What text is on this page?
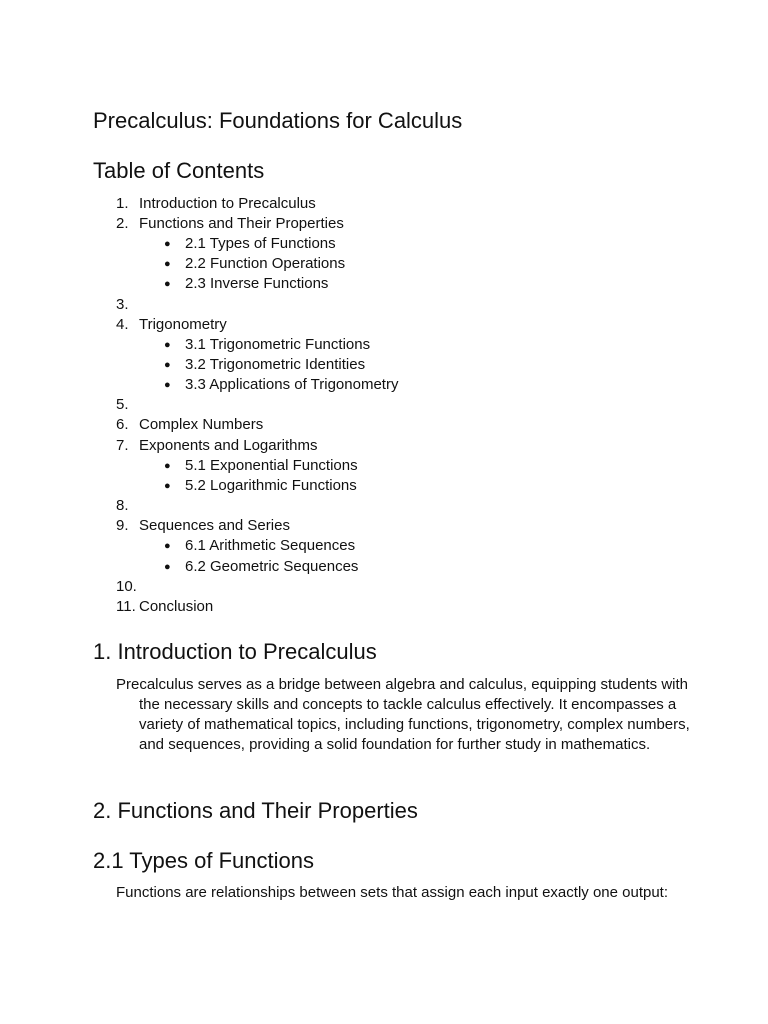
Precalculus: Foundations for Calculus
Table of Contents
1. Introduction to Precalculus
2. Functions and Their Properties
● 2.1 Types of Functions
● 2.2 Function Operations
● 2.3 Inverse Functions
3.
4. Trigonometry
● 3.1 Trigonometric Functions
● 3.2 Trigonometric Identities
● 3.3 Applications of Trigonometry
5.
6. Complex Numbers
7. Exponents and Logarithms
● 5.1 Exponential Functions
● 5.2 Logarithmic Functions
8.
9. Sequences and Series
● 6.1 Arithmetic Sequences
● 6.2 Geometric Sequences
10.
11. Conclusion
1. Introduction to Precalculus

Precalculus serves as a bridge between algebra and calculus, equipping students with the necessary skills and concepts to tackle calculus effectively. It encompasses a variety of mathematical topics, including functions, trigonometry, complex numbers, and sequences, providing a solid foundation for further study in mathematics.

2. Functions and Their Properties
2.1 Types of Functions

Functions are relationships between sets that assign each input exactly one output:
